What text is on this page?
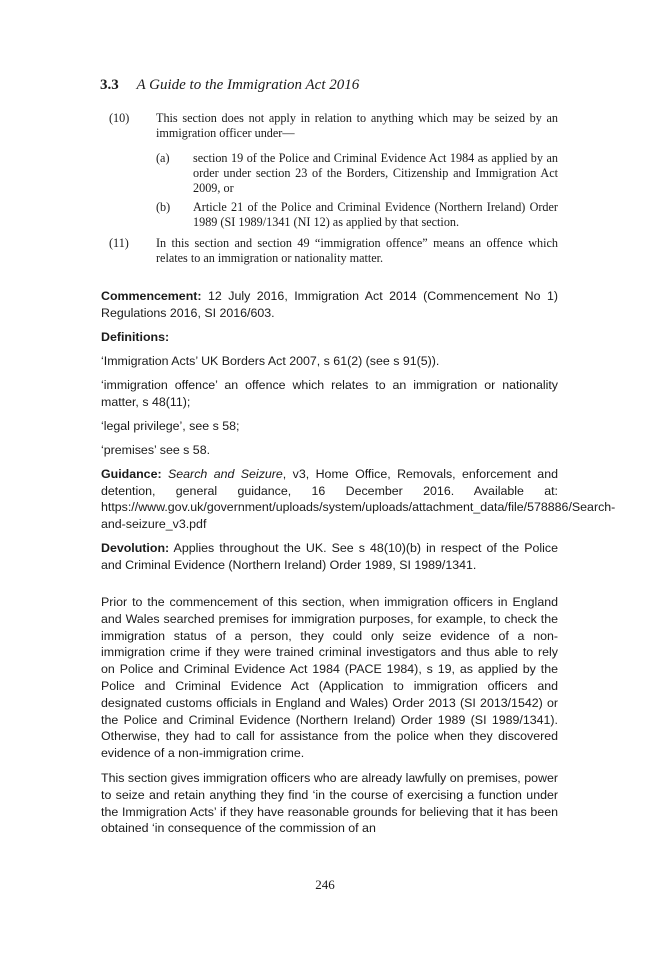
3.3 A Guide to the Immigration Act 2016
(10)	This section does not apply in relation to anything which may be seized by an immigration officer under—
(a)	section 19 of the Police and Criminal Evidence Act 1984 as applied by an order under section 23 of the Borders, Citizenship and Immigration Act 2009, or
(b)	Article 21 of the Police and Criminal Evidence (Northern Ireland) Order 1989 (SI 1989/1341 (NI 12) as applied by that section.
(11)	In this section and section 49 “immigration offence” means an offence which relates to an immigration or nationality matter.
Commencement: 12 July 2016, Immigration Act 2014 (Commencement No 1) Regulations 2016, SI 2016/603.
Definitions:
‘Immigration Acts’ UK Borders Act 2007, s 61(2) (see s 91(5)).
‘immigration offence’ an offence which relates to an immigration or nationality matter, s 48(11);
‘legal privilege’, see s 58;
‘premises’ see s 58.
Guidance: Search and Seizure, v3, Home Office, Removals, enforcement and detention, general guidance, 16 December 2016. Available at: https://www.gov.uk/government/uploads/system/uploads/attachment_data/file/578886/Search-and-seizure_v3.pdf
Devolution: Applies throughout the UK. See s 48(10)(b) in respect of the Police and Criminal Evidence (Northern Ireland) Order 1989, SI 1989/1341.
Prior to the commencement of this section, when immigration officers in England and Wales searched premises for immigration purposes, for example, to check the immigration status of a person, they could only seize evidence of a non-immigration crime if they were trained criminal investigators and thus able to rely on Police and Criminal Evidence Act 1984 (PACE 1984), s 19, as applied by the Police and Criminal Evidence Act (Application to immigration officers and designated customs officials in England and Wales) Order 2013 (SI 2013/1542) or the Police and Criminal Evidence (Northern Ireland) Order 1989 (SI 1989/1341). Otherwise, they had to call for assistance from the police when they discovered evidence of a non-immigration crime.
This section gives immigration officers who are already lawfully on premises, power to seize and retain anything they find ‘in the course of exercising a function under the Immigration Acts’ if they have reasonable grounds for believing that it has been obtained ‘in consequence of the commission of an
246
